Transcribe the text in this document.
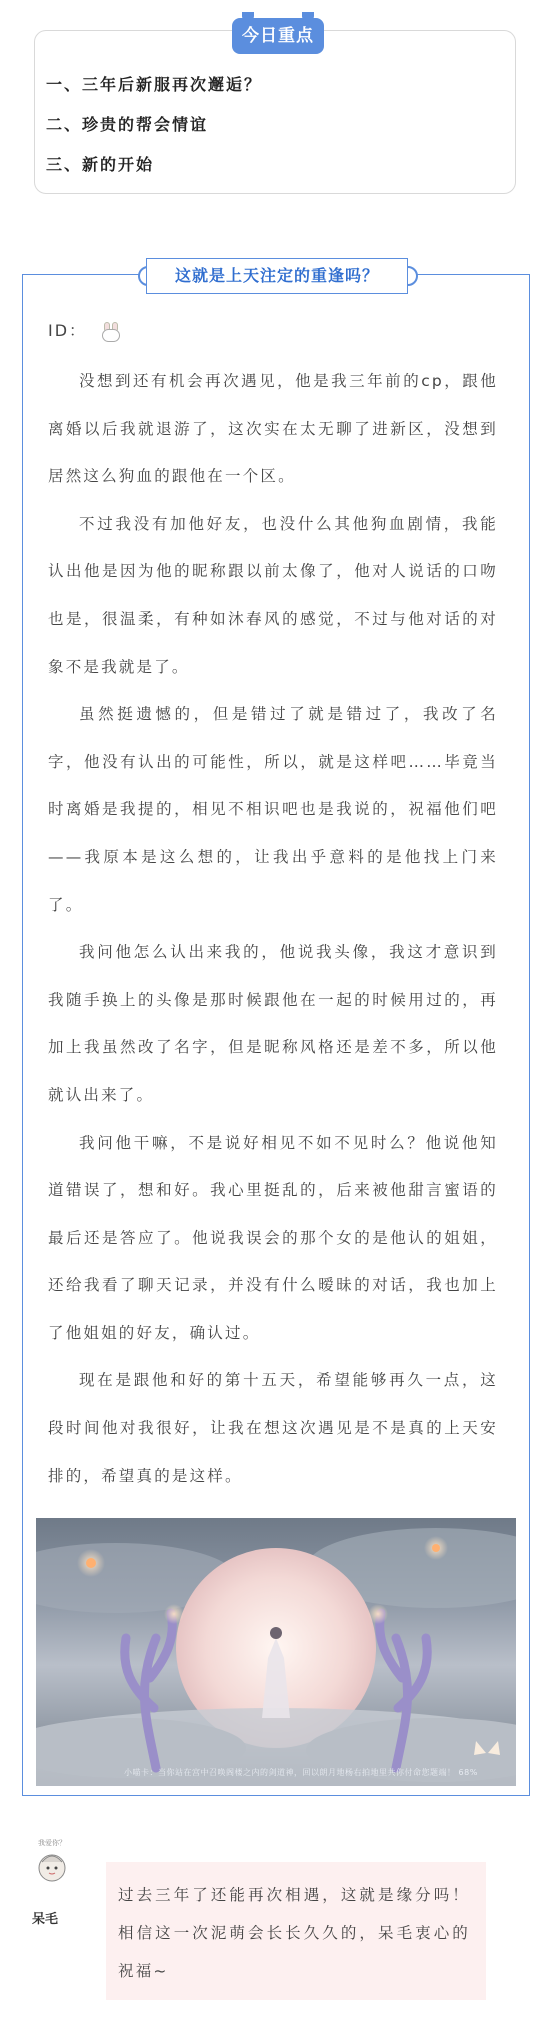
今日重点
一、三年后新服再次邂逅？
二、珍贵的帮会情谊
三、新的开始
这就是上天注定的重逢吗？
ID：

没想到还有机会再次遇见，他是我三年前的cp，跟他离婚以后我就退游了，这次实在太无聊了进新区，没想到居然这么狗血的跟他在一个区。

不过我没有加他好友，也没什么其他狗血剧情，我能认出他是因为他的昵称跟以前太像了，他对人说话的口吻也是，很温柔，有种如沐春风的感觉，不过与他对话的对象不是我就是了。

虽然挺遗憾的，但是错过了就是错过了，我改了名字，他没有认出的可能性，所以，就是这样吧……毕竟当时离婚是我提的，相见不相识吧也是我说的，祝福他们吧——我原本是这么想的，让我出乎意料的是他找上门来了。

我问他怎么认出来我的，他说我头像，我这才意识到我随手换上的头像是那时候跟他在一起的时候用过的，再加上我虽然改了名字，但是昵称风格还是差不多，所以他就认出来了。

我问他干嘛，不是说好相见不如不见时么？他说他知道错误了，想和好。我心里挺乱的，后来被他甜言蜜语的最后还是答应了。他说我误会的那个女的是他认的姐姐，还给我看了聊天记录，并没有什么暧昧的对话，我也加上了他姐姐的好友，确认过。

现在是跟他和好的第十五天，希望能够再久一点，这段时间他对我很好，让我在想这次遇见是不是真的上天安排的，希望真的是这样。

小喵卡：当你站在宫中召唤阁楼之内的剑道神，回以朗月地杨右拍地里共你付命您题端！ 68%
我爱你？
呆毛
过去三年了还能再次相遇，这就是缘分吗！相信这一次泥萌会长长久久的，呆毛衷心的祝福~
